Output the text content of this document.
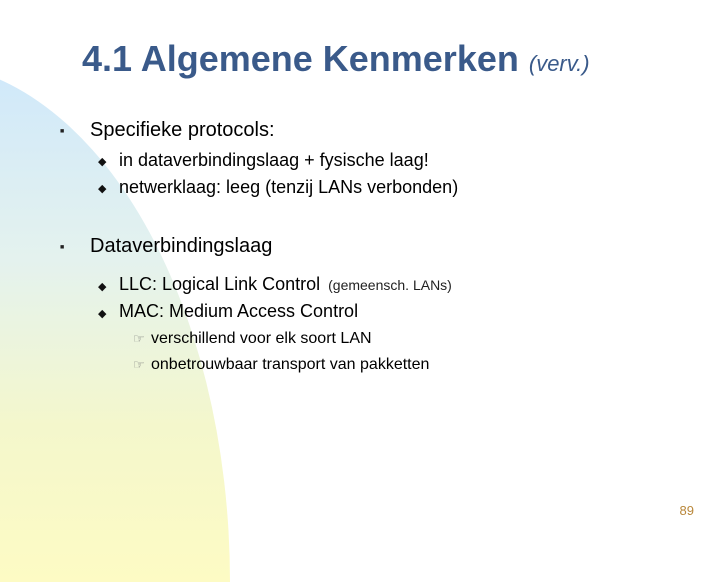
4.1 Algemene Kenmerken (verv.)
■ Specifieke protocols:
◆ in dataverbindingslaag + fysische laag!
◆ netwerklaag: leeg (tenzij LANs verbonden)
■ Dataverbindingslaag
◆ LLC: Logical Link Control (gemeensch. LANs)
◆ MAC: Medium Access Control
☞ verschillend voor elk soort LAN
☞ onbetrouwbaar transport van pakketten
89
